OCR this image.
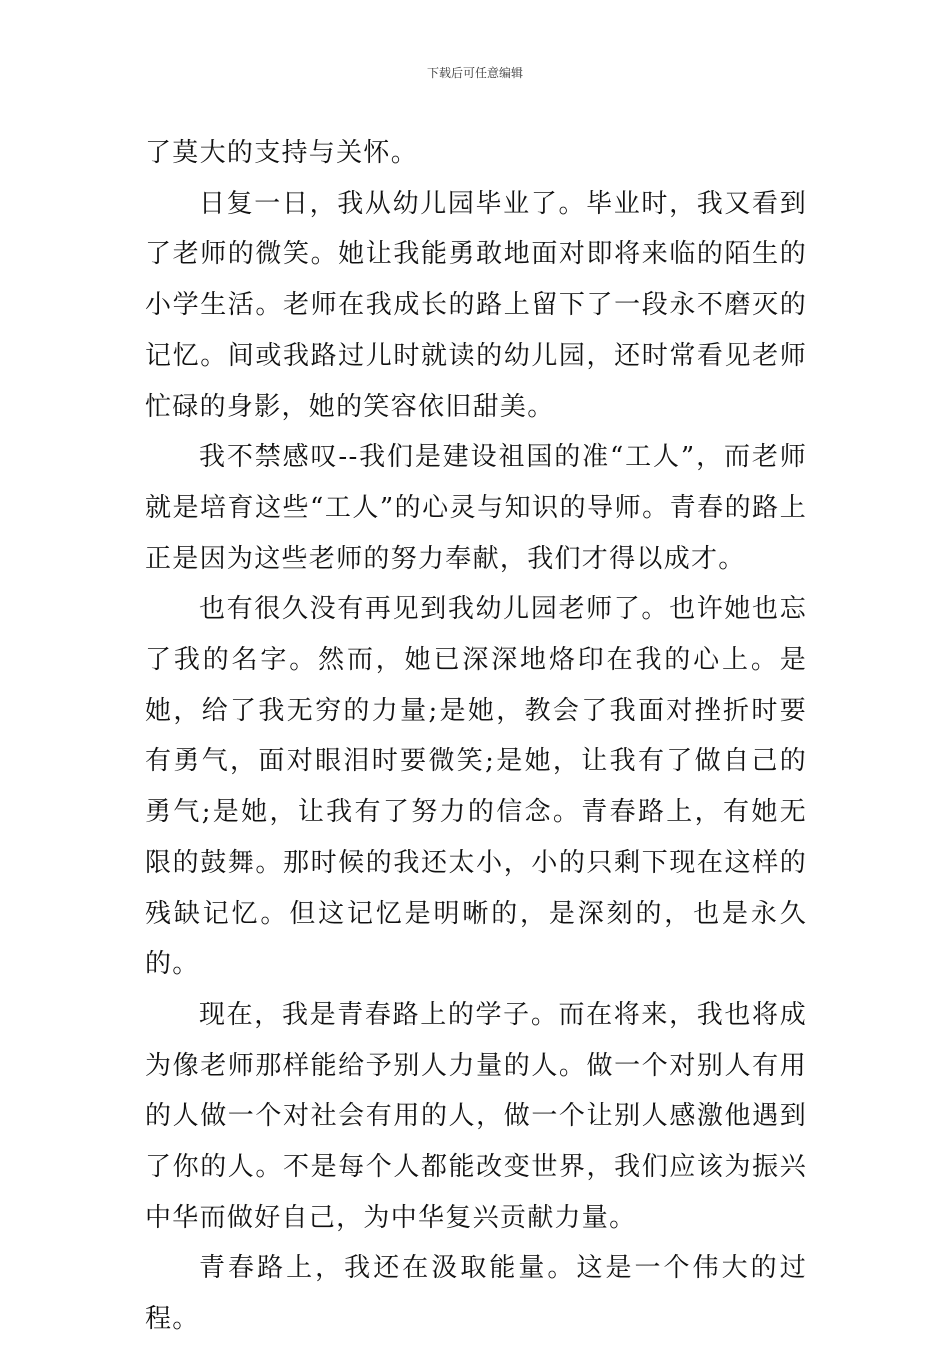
下载后可任意编辑

了莫大的支持与关怀。

日复一日，我从幼儿园毕业了。毕业时，我又看到了老师的微笑。她让我能勇敢地面对即将来临的陌生的小学生活。老师在我成长的路上留下了一段永不磨灭的记忆。间或我路过儿时就读的幼儿园，还时常看见老师忙碌的身影，她的笑容依旧甜美。

我不禁感叹--我们是建设祖国的准“工人”，而老师就是培育这些“工人”的心灵与知识的导师。青春的路上正是因为这些老师的努力奉献，我们才得以成才。

也有很久没有再见到我幼儿园老师了。也许她也忘了我的名字。然而，她已深深地烙印在我的心上。是她，给了我无穷的力量;是她，教会了我面对挫折时要有勇气，面对眼泪时要微笑;是她，让我有了做自己的勇气;是她，让我有了努力的信念。青春路上，有她无限的鼓舞。那时候的我还太小，小的只剩下现在这样的残缺记忆。但这记忆是明晰的，是深刻的，也是永久的。

现在，我是青春路上的学子。而在将来，我也将成为像老师那样能给予别人力量的人。做一个对别人有用的人做一个对社会有用的人，做一个让别人感激他遇到了你的人。不是每个人都能改变世界，我们应该为振兴中华而做好自己，为中华复兴贡献力量。

青春路上，我还在汲取能量。这是一个伟大的过程。
